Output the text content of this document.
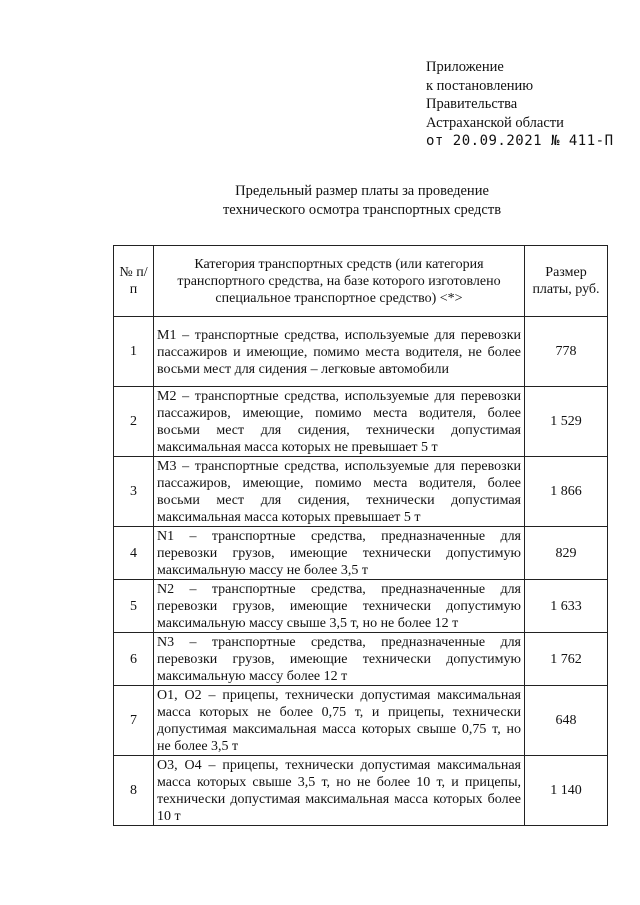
Приложение
к постановлению
Правительства
Астраханской области
от 20.09.2021 № 411-П
Предельный размер платы за проведение
технического осмотра транспортных средств
№ п/п	Категория транспортных средств (или категория транспортного средства, на базе которого изготовлено специальное транспортное средство) <*>	Размер платы, руб.
1	M1 – транспортные средства, используемые для перевозки пассажиров и имеющие, помимо места водителя, не более восьми мест для сидения – легковые автомобили	778
2	M2 – транспортные средства, используемые для перевозки пассажиров, имеющие, помимо места водителя, более восьми мест для сидения, технически допустимая максимальная масса которых не превышает 5 т	1 529
3	M3 – транспортные средства, используемые для перевозки пассажиров, имеющие, помимо места водителя, более восьми мест для сидения, технически допустимая максимальная масса которых превышает 5 т	1 866
4	N1 – транспортные средства, предназначенные для перевозки грузов, имеющие технически допустимую максимальную массу не более 3,5 т	829
5	N2 – транспортные средства, предназначенные для перевозки грузов, имеющие технически допустимую максимальную массу свыше 3,5 т, но не более 12 т	1 633
6	N3 – транспортные средства, предназначенные для перевозки грузов, имеющие технически допустимую максимальную массу более 12 т	1 762
7	O1, O2 – прицепы, технически допустимая максимальная масса которых не более 0,75 т, и прицепы, технически допустимая максимальная масса которых свыше 0,75 т, но не более 3,5 т	648
8	O3, O4 – прицепы, технически допустимая максимальная масса которых свыше 3,5 т, но не более 10 т, и прицепы, технически допустимая максимальная масса которых более 10 т	1 140
